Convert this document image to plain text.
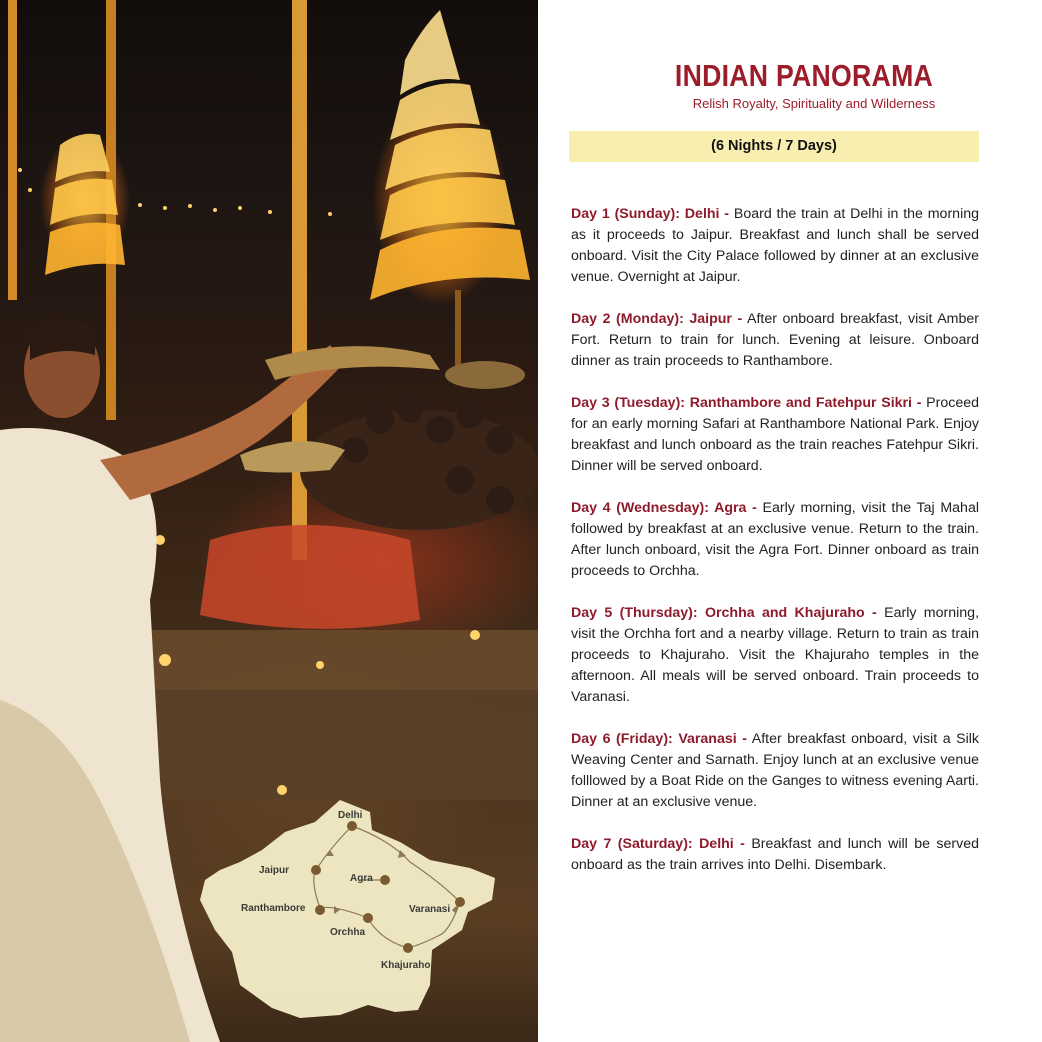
Delhi
Jaipur
Agra
Ranthambore	Varanasi
Orchha
Khajuraho
INDIAN PANORAMA
Relish Royalty, Spirituality and Wilderness
(6 Nights / 7 Days)

Day 1 (Sunday): Delhi - Board the train at Delhi in the morning as it proceeds to Jaipur. Breakfast and lunch shall be served onboard. Visit the City Palace followed by dinner at an exclusive venue. Overnight at Jaipur.

Day 2 (Monday): Jaipur - After onboard breakfast, visit Amber Fort. Return to train for lunch. Evening at leisure. Onboard dinner as train proceeds to Ranthambore.

Day 3 (Tuesday): Ranthambore and Fatehpur Sikri - Proceed for an early morning Safari at Ranthambore National Park. Enjoy breakfast and lunch onboard as the train reaches Fatehpur Sikri. Dinner will be served onboard.

Day 4 (Wednesday): Agra - Early morning, visit the Taj Mahal followed by breakfast at an exclusive venue. Return to the train. After lunch onboard, visit the Agra Fort. Dinner onboard as train proceeds to Orchha.

Day 5 (Thursday): Orchha and Khajuraho - Early morning, visit the Orchha fort and a nearby village. Return to train as train proceeds to Khajuraho. Visit the Khajuraho temples in the afternoon. All meals will be served onboard. Train proceeds to Varanasi.

Day 6 (Friday): Varanasi - After breakfast onboard, visit a Silk Weaving Center and Sarnath. Enjoy lunch at an exclusive venue folllowed by a Boat Ride on the Ganges to witness evening Aarti. Dinner at an exclusive venue.

Day 7 (Saturday): Delhi - Breakfast and lunch will be served onboard as the train arrives into Delhi. Disembark.
